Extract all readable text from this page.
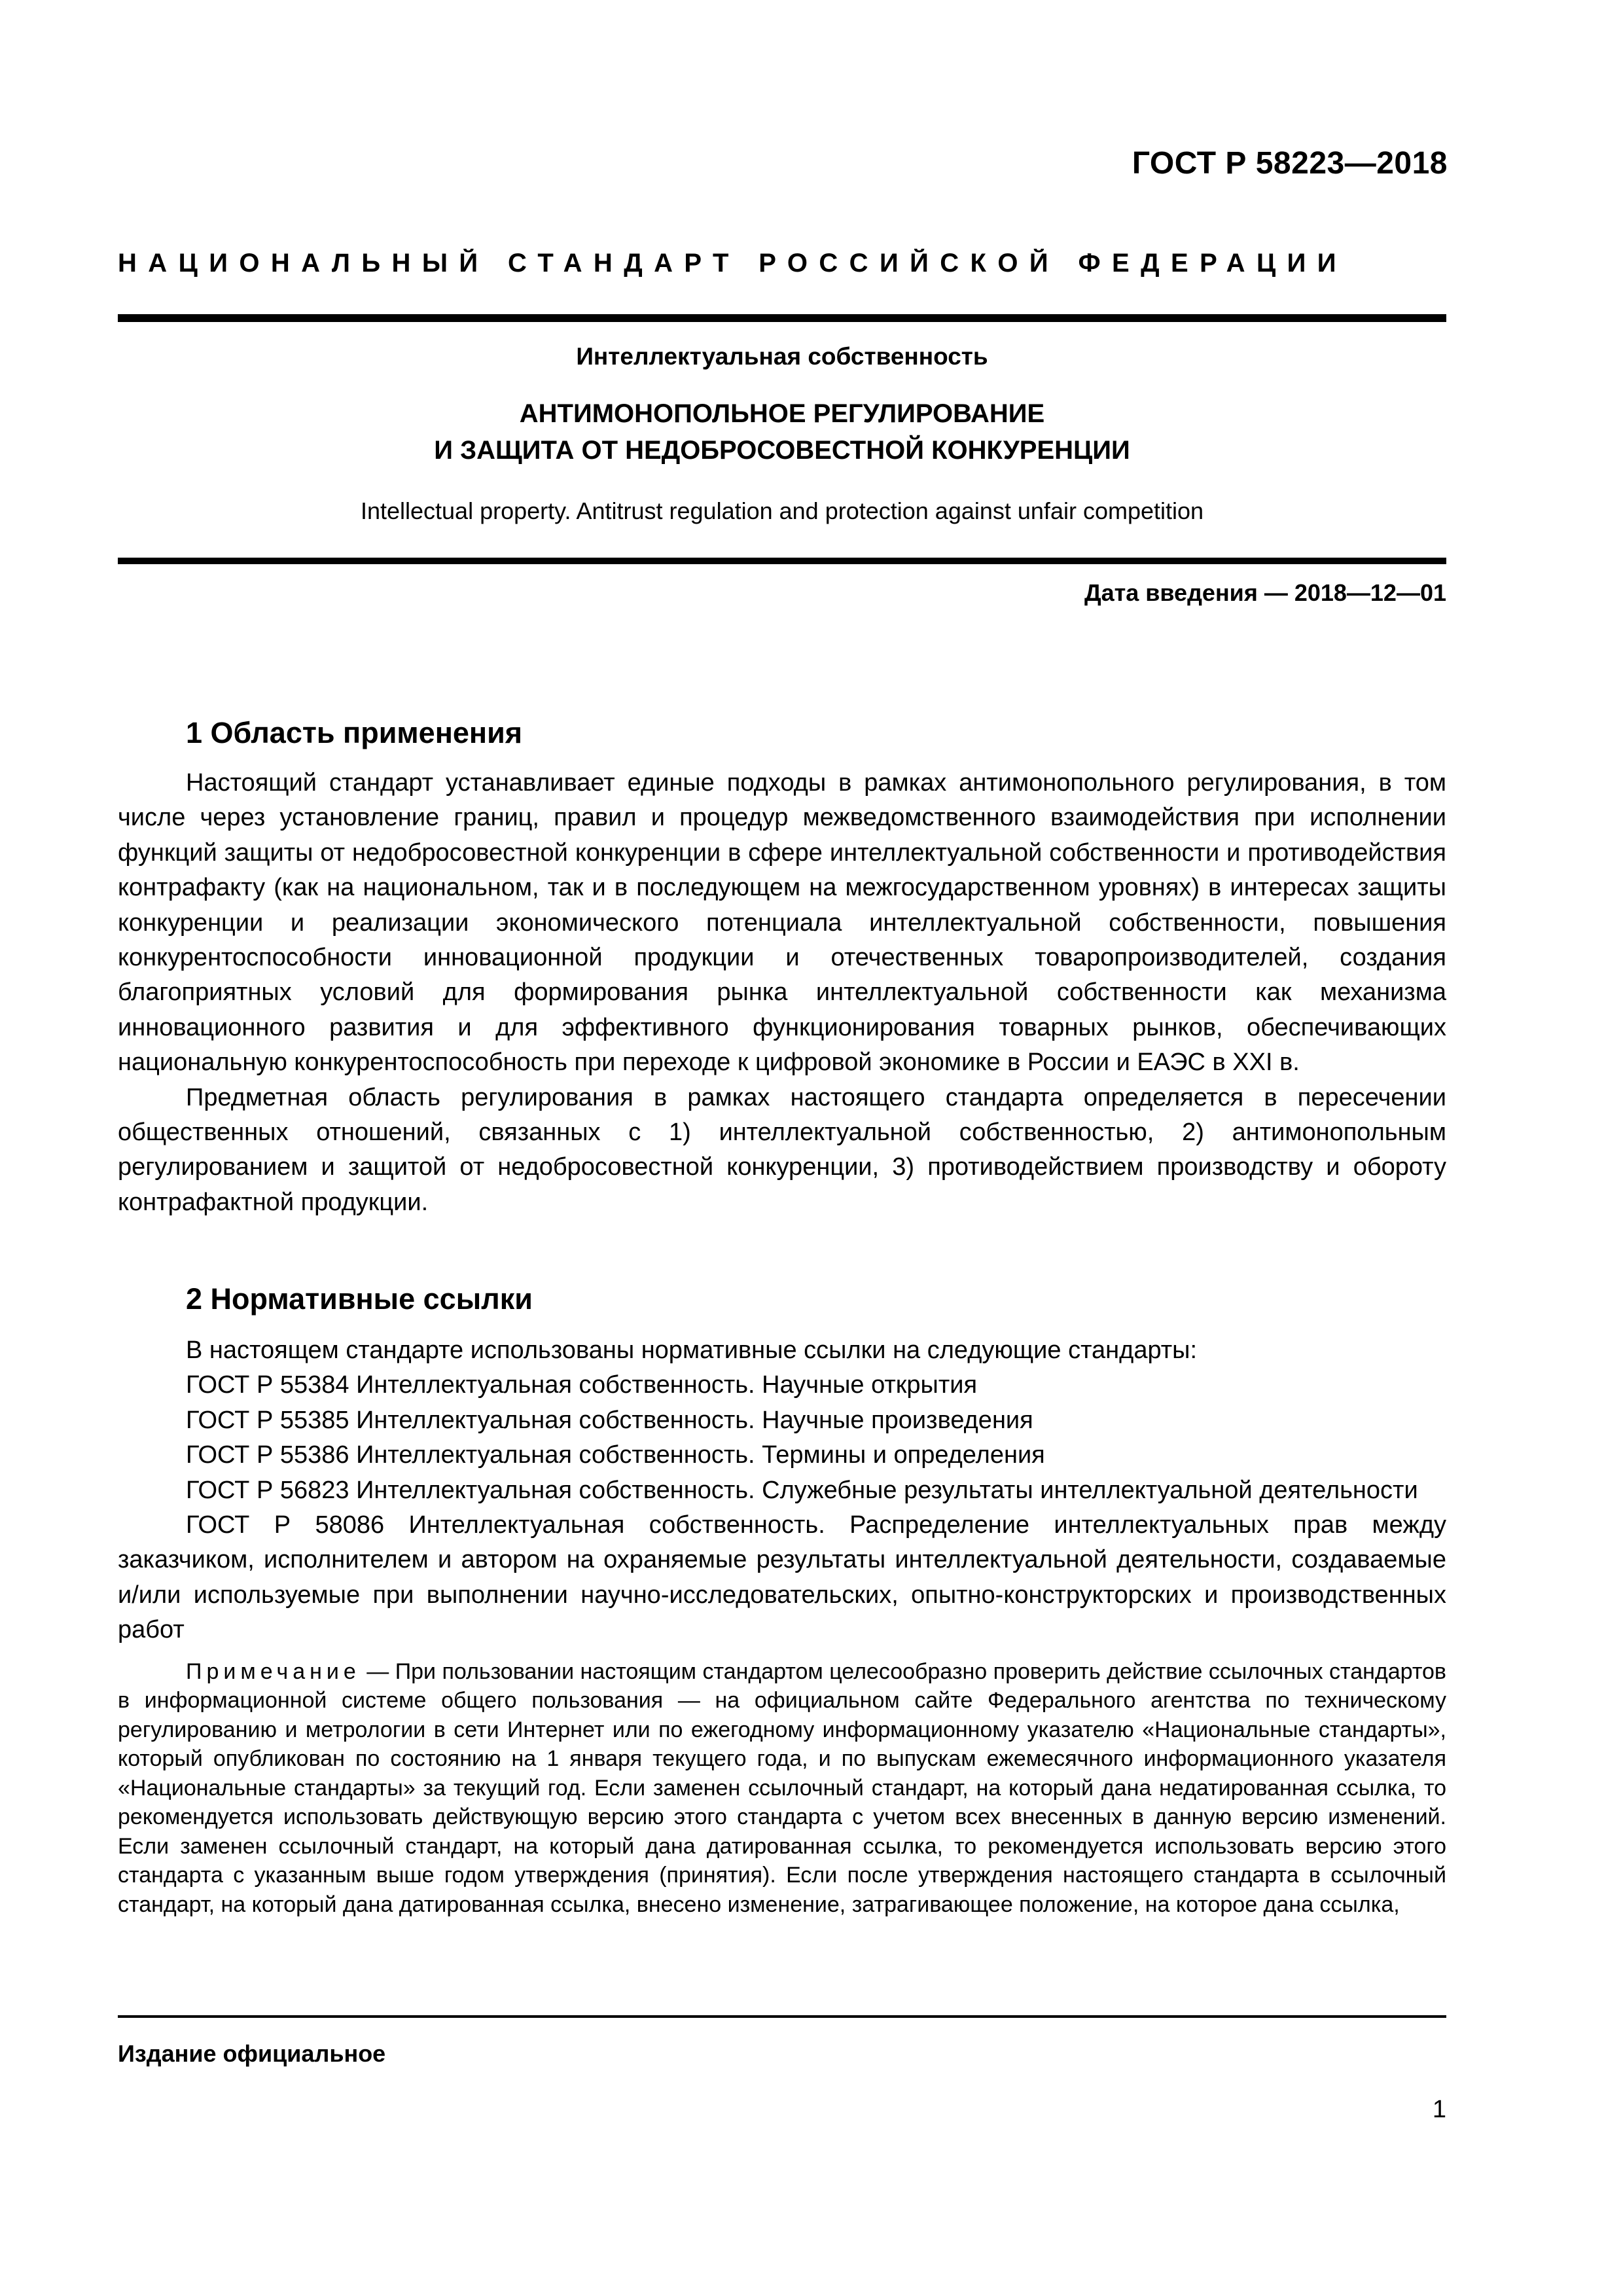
ГОСТ Р 58223—2018
НАЦИОНАЛЬНЫЙ СТАНДАРТ РОССИЙСКОЙ ФЕДЕРАЦИИ
Интеллектуальная собственность
АНТИМОНОПОЛЬНОЕ РЕГУЛИРОВАНИЕ
И ЗАЩИТА ОТ НЕДОБРОСОВЕСТНОЙ КОНКУРЕНЦИИ
Intellectual property. Antitrust regulation and protection against unfair competition
Дата введения — 2018—12—01
1 Область применения

Настоящий стандарт устанавливает единые подходы в рамках антимонопольного регулирования, в том числе через установление границ, правил и процедур межведомственного взаимодействия при исполнении функций защиты от недобросовестной конкуренции в сфере интеллектуальной собственности и противодействия контрафакту (как на национальном, так и в последующем на межгосударственном уровнях) в интересах защиты конкуренции и реализации экономического потенциала интеллектуальной собственности, повышения конкурентоспособности инновационной продукции и отечественных товаропроизводителей, создания благоприятных условий для формирования рынка интеллектуальной собственности как механизма инновационного развития и для эффективного функционирования товарных рынков, обеспечивающих национальную конкурентоспособность при переходе к цифровой экономике в России и ЕАЭС в XXI в.

Предметная область регулирования в рамках настоящего стандарта определяется в пересечении общественных отношений, связанных с 1) интеллектуальной собственностью, 2) антимонопольным регулированием и защитой от недобросовестной конкуренции, 3) противодействием производству и обороту контрафактной продукции.

2 Нормативные ссылки

В настоящем стандарте использованы нормативные ссылки на следующие стандарты:

ГОСТ Р 55384 Интеллектуальная собственность. Научные открытия

ГОСТ Р 55385 Интеллектуальная собственность. Научные произведения

ГОСТ Р 55386 Интеллектуальная собственность. Термины и определения

ГОСТ Р 56823 Интеллектуальная собственность. Служебные результаты интеллектуальной деятельности

ГОСТ Р 58086 Интеллектуальная собственность. Распределение интеллектуальных прав между заказчиком, исполнителем и автором на охраняемые результаты интеллектуальной деятельности, создаваемые и/или используемые при выполнении научно-исследовательских, опытно-конструкторских и производственных работ

Примечание — При пользовании настоящим стандартом целесообразно проверить действие ссылочных стандартов в информационной системе общего пользования — на официальном сайте Федерального агентства по техническому регулированию и метрологии в сети Интернет или по ежегодному информационному указателю «Национальные стандарты», который опубликован по состоянию на 1 января текущего года, и по выпускам ежемесячного информационного указателя «Национальные стандарты» за текущий год. Если заменен ссылочный стандарт, на который дана недатированная ссылка, то рекомендуется использовать действующую версию этого стандарта с учетом всех внесенных в данную версию изменений. Если заменен ссылочный стандарт, на который дана датированная ссылка, то рекомендуется использовать версию этого стандарта с указанным выше годом утверждения (принятия). Если после утверждения настоящего стандарта в ссылочный стандарт, на который дана датированная ссылка, внесено изменение, затрагивающее положение, на которое дана ссылка,

Издание официальное
1
